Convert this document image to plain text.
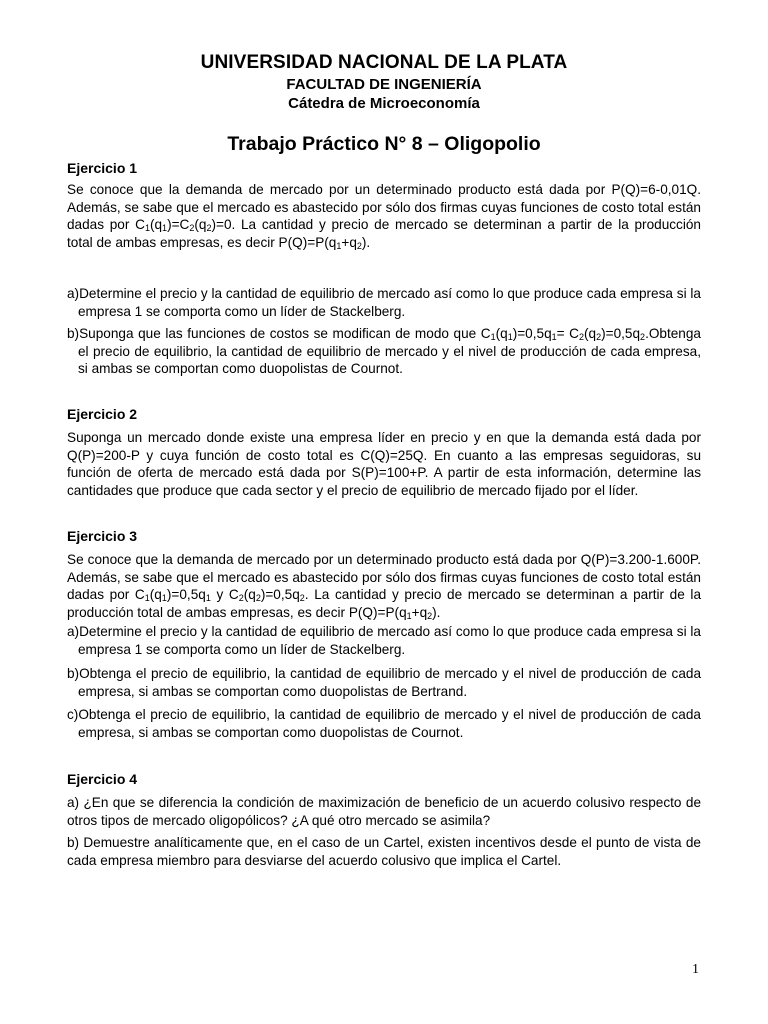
UNIVERSIDAD NACIONAL DE LA PLATA
FACULTAD DE INGENIERÍA
Cátedra de Microeconomía
Trabajo Práctico N° 8 – Oligopolio
Ejercicio 1
Se conoce que la demanda de mercado por un determinado producto está dada por P(Q)=6-0,01Q. Además, se sabe que el mercado es abastecido por sólo dos firmas cuyas funciones de costo total están dadas por $C_1(q_1)=C_2(q_2)=0$. La cantidad y precio de mercado se determinan a partir de la producción total de ambas empresas, es decir $P(Q)=P(q_1+q_2)$.
a)Determine el precio y la cantidad de equilibrio de mercado así como lo que produce cada empresa si la empresa 1 se comporta como un líder de Stackelberg.
b)Suponga que las funciones de costos se modifican de modo que $C_1(q_1)=0,5q_1=$ $C_2(q_2)=0,5q_2.Obtenga$ el precio de equilibrio, la cantidad de equilibrio de mercado y el nivel de producción de cada empresa, si ambas se comportan como duopolistas de Cournot.
Ejercicio 2
Suponga un mercado donde existe una empresa líder en precio y en que la demanda está dada por Q(P)=200-P y cuya función de costo total es C(Q)=25Q. En cuanto a las empresas seguidoras, su función de oferta de mercado está dada por S(P)=100+P. A partir de esta información, determine las cantidades que produce que cada sector y el precio de equilibrio de mercado fijado por el líder.
Ejercicio 3
Se conoce que la demanda de mercado por un determinado producto está dada por Q(P)=3.200-1.600P. Además, se sabe que el mercado es abastecido por sólo dos firmas cuyas funciones de costo total están dadas por $C_1(q_1)=0,5q_1$ y $C_2(q_2)=0,5q_2$. La cantidad y precio de mercado se determinan a partir de la producción total de ambas empresas, es decir $P(Q)=P(q_1+q_2)$.
a)Determine el precio y la cantidad de equilibrio de mercado así como lo que produce cada empresa si la empresa 1 se comporta como un líder de Stackelberg.
b)Obtenga el precio de equilibrio, la cantidad de equilibrio de mercado y el nivel de producción de cada empresa, si ambas se comportan como duopolistas de Bertrand.
c)Obtenga el precio de equilibrio, la cantidad de equilibrio de mercado y el nivel de producción de cada empresa, si ambas se comportan como duopolistas de Cournot.
Ejercicio 4
a) ¿En que se diferencia la condición de maximización de beneficio de un acuerdo colusivo respecto de otros tipos de mercado oligopólicos? ¿A qué otro mercado se asimila?
b) Demuestre analíticamente que, en el caso de un Cartel, existen incentivos desde el punto de vista de cada empresa miembro para desviarse del acuerdo colusivo que implica el Cartel.
1
